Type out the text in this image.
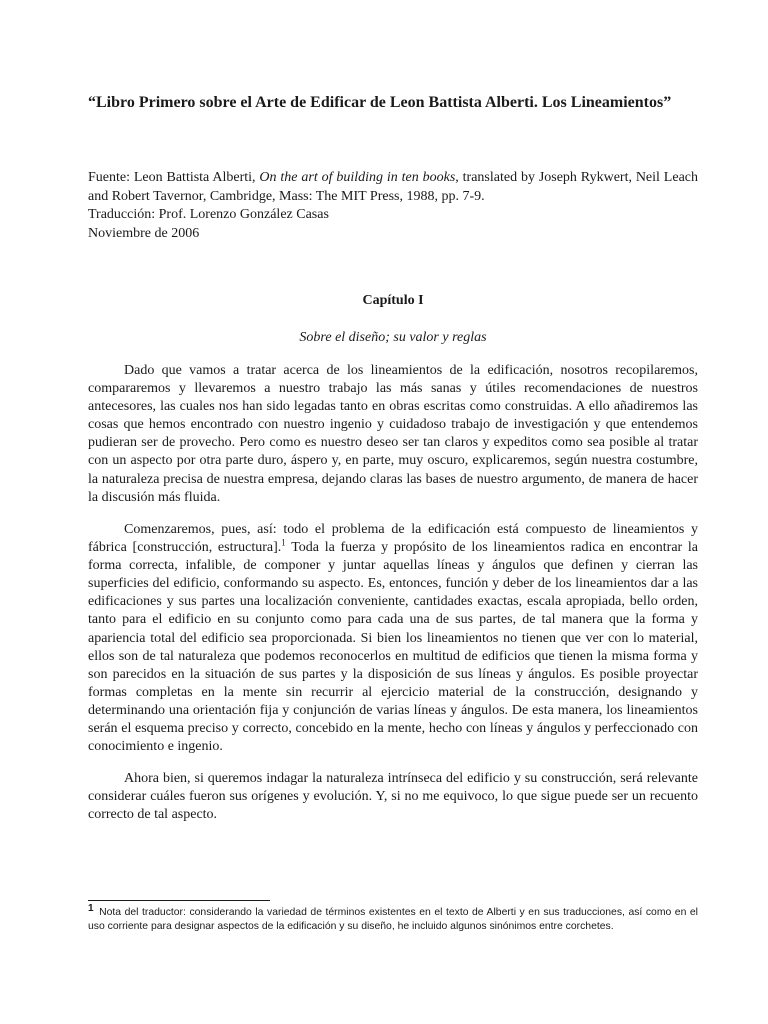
“Libro Primero sobre el Arte de Edificar de Leon Battista Alberti. Los Lineamientos”
Fuente: Leon Battista Alberti, On the art of building in ten books, translated by Joseph Rykwert, Neil Leach and Robert Tavernor, Cambridge, Mass: The MIT Press, 1988, pp. 7-9.
Traducción: Prof. Lorenzo González Casas
Noviembre de 2006
Capítulo I
Sobre el diseño; su valor y reglas

Dado que vamos a tratar acerca de los lineamientos de la edificación, nosotros recopilaremos, compararemos y llevaremos a nuestro trabajo las más sanas y útiles recomendaciones de nuestros antecesores, las cuales nos han sido legadas tanto en obras escritas como construidas. A ello añadiremos las cosas que hemos encontrado con nuestro ingenio y cuidadoso trabajo de investigación y que entendemos pudieran ser de provecho. Pero como es nuestro deseo ser tan claros y expeditos como sea posible al tratar con un aspecto por otra parte duro, áspero y, en parte, muy oscuro, explicaremos, según nuestra costumbre, la naturaleza precisa de nuestra empresa, dejando claras las bases de nuestro argumento, de manera de hacer la discusión más fluida.

Comenzaremos, pues, así: todo el problema de la edificación está compuesto de lineamientos y fábrica [construcción, estructura].$^1$ Toda la fuerza y propósito de los lineamientos radica en encontrar la forma correcta, infalible, de componer y juntar aquellas líneas y ángulos que definen y cierran las superficies del edificio, conformando su aspecto. Es, entonces, función y deber de los lineamientos dar a las edificaciones y sus partes una localización conveniente, cantidades exactas, escala apropiada, bello orden, tanto para el edificio en su conjunto como para cada una de sus partes, de tal manera que la forma y apariencia total del edificio sea proporcionada. Si bien los lineamientos no tienen que ver con lo material, ellos son de tal naturaleza que podemos reconocerlos en multitud de edificios que tienen la misma forma y son parecidos en la situación de sus partes y la disposición de sus líneas y ángulos. Es posible proyectar formas completas en la mente sin recurrir al ejercicio material de la construcción, designando y determinando una orientación fija y conjunción de varias líneas y ángulos. De esta manera, los lineamientos serán el esquema preciso y correcto, concebido en la mente, hecho con líneas y ángulos y perfeccionado con conocimiento e ingenio.

Ahora bien, si queremos indagar la naturaleza intrínseca del edificio y su construcción, será relevante considerar cuáles fueron sus orígenes y evolución. Y, si no me equivoco, lo que sigue puede ser un recuento correcto de tal aspecto.

1 Nota del traductor: considerando la variedad de términos existentes en el texto de Alberti y en sus traducciones, así como en el uso corriente para designar aspectos de la edificación y su diseño, he incluido algunos sinónimos entre corchetes.
